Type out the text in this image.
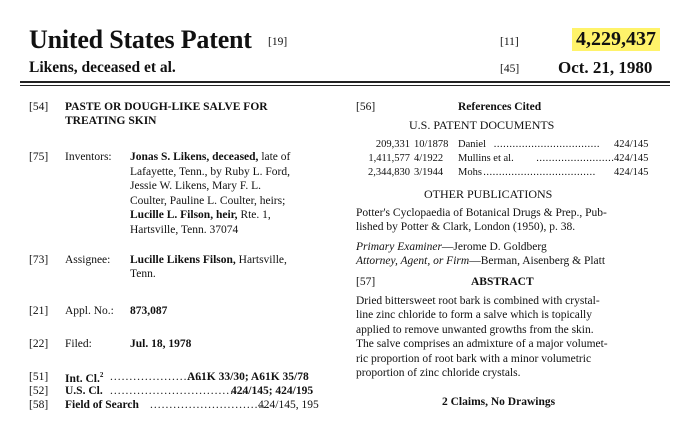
United States Patent [19]
Likens, deceased et al.
[11]	4,229,437
[45] Oct. 21, 1980
[54] PASTE OR DOUGH-LIKE SALVE FOR
TREATING SKIN
[75] Inventors: Jonas S. Likens, deceased, late of
Lafayette, Tenn., by Ruby L. Ford,
Jessie W. Likens, Mary F. L.
Coulter, Pauline L. Coulter, heirs;
Lucille L. Filson, heir, Rte. 1,
Hartsville, Tenn. 37074
[73] Assignee: Lucille Likens Filson, Hartsville,
Tenn.
[21] Appl. No.: 873,087
[22] Filed:	Jul. 18, 1978
[51] Int. Cl.$^2$ ..........................
A61K 33/30; A61K 35/78
[52] U.S. Cl. ....................................
424/145; 424/195
[58] Field of Search ...............................
424/145, 195
[56]	References Cited
U.S. PATENT DOCUMENTS
209,331 10/1878 Daniel .................................. 424/145
1,411,577 4/1922 Mullins et al. ......................... 424/145
2,344,830 3/1944 Mohs .................................... 424/145
OTHER PUBLICATIONS
Potter's Cyclopaedia of Botanical Drugs & Prep., Pub-
lished by Potter & Clark, London (1950), p. 38.
Primary Examiner—Jerome D. Goldberg
Attorney, Agent, or Firm—Berman, Aisenberg & Platt
[57]	ABSTRACT
Dried bittersweet root bark is combined with crystal-
line zinc chloride to form a salve which is topically
applied to remove unwanted growths from the skin.
The salve comprises an admixture of a major volumet-
ric proportion of root bark with a minor volumetric
proportion of zinc chloride crystals.
2 Claims, No Drawings
